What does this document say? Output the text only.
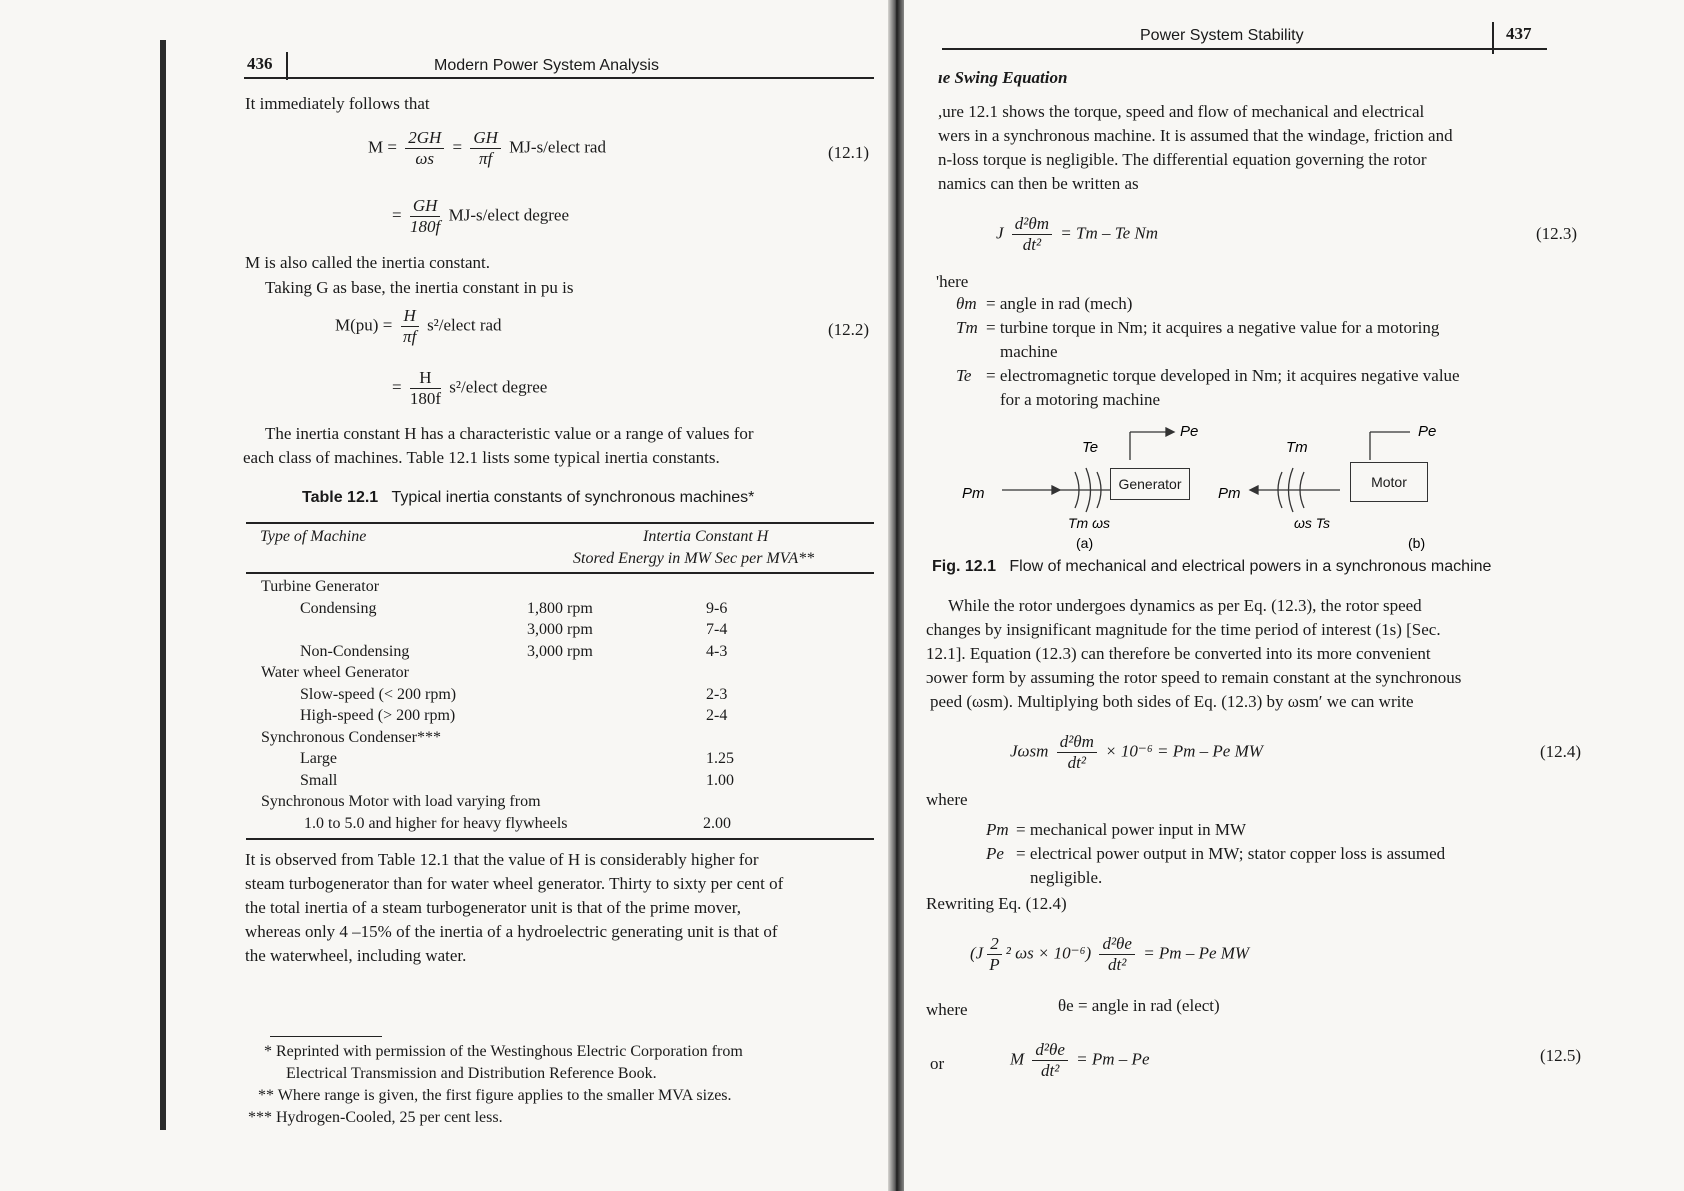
436	Modern Power System Analysis
It immediately follows that
$M = \frac{2GH}{\omega s} = \frac{GH}{\pi f}$ MJ-s/elect rad	(12.1)
= $\frac{GH}{180f}$ MJ-s/elect degree
M is also called the inertia constant.
Taking G as base, the inertia constant in pu is
$M(pu) = \frac{H}{\pi f}$ s²/elect rad	(12.2)
= $\frac{H}{180f}$ s²/elect degree
The inertia constant H has a characteristic value or a range of values for
each class of machines. Table 12.1 lists some typical inertia constants.
Table 12.1 Typical inertia constants of synchronous machines*
Type of Machine	Intertia Constant H
Stored Energy in MW Sec per MVA**
Turbine Generator
Condensing	1,800 rpm	9-6
3,000 rpm	7-4
Non-Condensing	3,000 rpm	4-3
Water wheel Generator
Slow-speed (< 200 rpm)	2-3
High-speed (> 200 rpm)	2-4
Synchronous Condenser***
Large	1.25
Small	1.00
Synchronous Motor with load varying from
1.0 to 5.0 and higher for heavy flywheels	2.00
It is observed from Table 12.1 that the value of H is considerably higher for
steam turbogenerator than for water wheel generator. Thirty to sixty per cent of
the total inertia of a steam turbogenerator unit is that of the prime mover,
whereas only 4 –15% of the inertia of a hydroelectric generating unit is that of
the waterwheel, including water.
* Reprinted with permission of the Westinghous Electric Corporation from
Electrical Transmission and Distribution Reference Book.
** Where range is given, the first figure applies to the smaller MVA sizes.
*** Hydrogen-Cooled, 25 per cent less.
Power System Stability	437
ıe Swing Equation
,ure 12.1 shows the torque, speed and flow of mechanical and electrical
wers in a synchronous machine. It is assumed that the windage, friction and
n-loss torque is negligible. The differential equation governing the rotor
namics can then be written as
J $\frac{\text{d²θm}}{\text{dt²}} = Tm - Te$ Nm	(12.3)
'here
θm = angle in rad (mech)
Tm = turbine torque in Nm; it acquires a negative value for a motoring
machine
Te = electromagnetic torque developed in Nm; it acquires negative value
for a motoring machine
Pm
Pe
Te
Tm ωs
(a)
Pm
Pe
Tm
ωs Ts
(b)
Generator	Motor
Fig. 12.1 Flow of mechanical and electrical powers in a synchronous machine
While the rotor undergoes dynamics as per Eq. (12.3), the rotor speed
changes by insignificant magnitude for the time period of interest (1s) [Sec.
12.1]. Equation (12.3) can therefore be converted into its more convenient
ɔower form by assuming the rotor speed to remain constant at the synchronous
peed (ωsm). Multiplying both sides of Eq. (12.3) by ωsm′ we can write
Jωsm $\frac{\text{d²θm}}{\text{dt²}} \times 10^{-6} = Pm - Pe$ MW	(12.4)
where
Pm = mechanical power input in MW
Pe = electrical power output in MW; stator copper loss is assumed
negligible.
Rewriting Eq. (12.4)
($J \frac{2}{P} ^2$ $\omega s \times 10^{-6}) \frac{\text{d²θe}}{\text{dt²}} = Pm - Pe$ MW
where	θe = angle in rad (elect)
or	M $\frac{\text{d²θe}}{\text{dt²}} = Pm - Pe$	(12.5)
